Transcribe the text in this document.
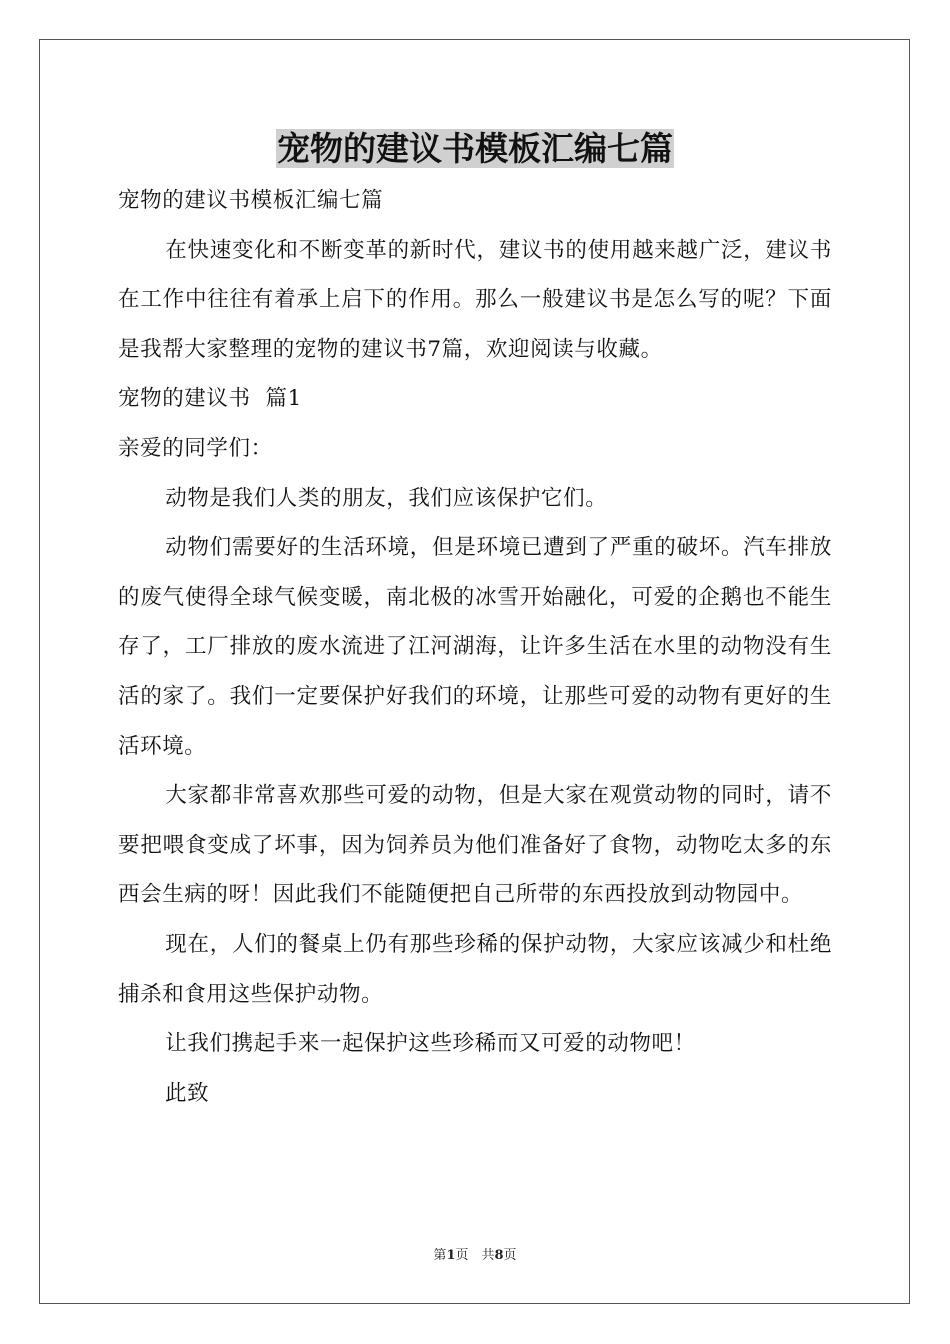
宠物的建议书模板汇编七篇

宠物的建议书模板汇编七篇

在快速变化和不断变革的新时代，建议书的使用越来越广泛，建议书在工作中往往有着承上启下的作用。那么一般建议书是怎么写的呢？下面是我帮大家整理的宠物的建议书7篇，欢迎阅读与收藏。

宠物的建议书  篇1

亲爱的同学们：

动物是我们人类的朋友，我们应该保护它们。

动物们需要好的生活环境，但是环境已遭到了严重的破坏。汽车排放的废气使得全球气候变暖，南北极的冰雪开始融化，可爱的企鹅也不能生存了，工厂排放的废水流进了江河湖海，让许多生活在水里的动物没有生活的家了。我们一定要保护好我们的环境，让那些可爱的动物有更好的生活环境。

大家都非常喜欢那些可爱的动物，但是大家在观赏动物的同时，请不要把喂食变成了坏事，因为饲养员为他们准备好了食物，动物吃太多的东西会生病的呀！因此我们不能随便把自己所带的东西投放到动物园中。

现在，人们的餐桌上仍有那些珍稀的保护动物，大家应该减少和杜绝捕杀和食用这些保护动物。

让我们携起手来一起保护这些珍稀而又可爱的动物吧！

此致

第1页　共8页
